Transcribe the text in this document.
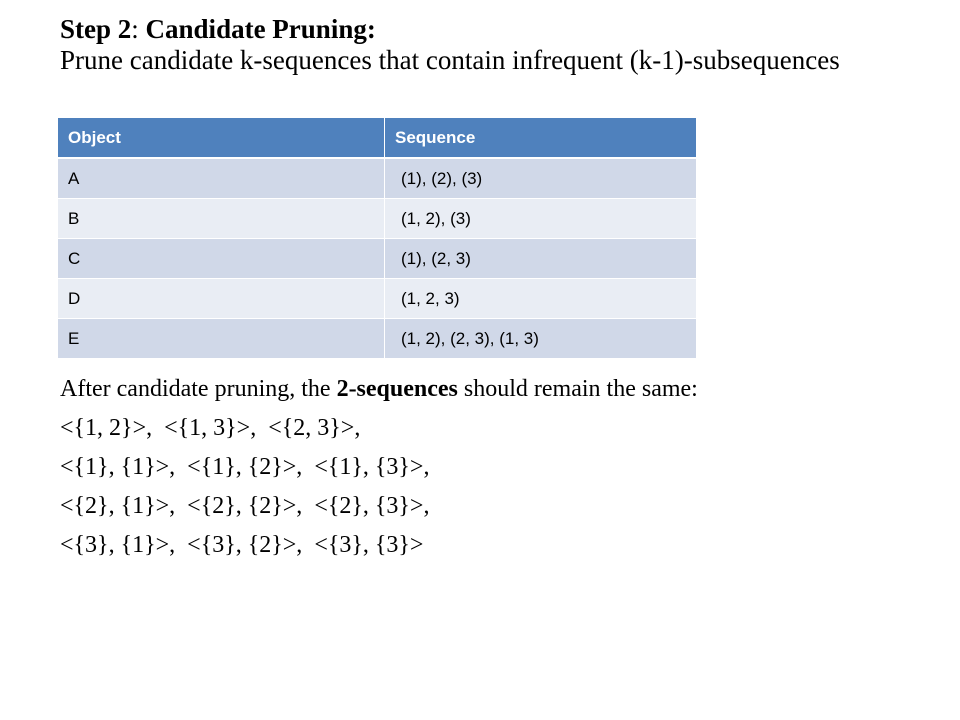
Step 2: Candidate Pruning:
Prune candidate k-sequences that contain infrequent (k-1)-subsequences
Object	Sequence
A	(1), (2), (3)
B	(1, 2), (3)
C	(1), (2, 3)
D	(1, 2, 3)
E	(1, 2), (2, 3), (1, 3)

After candidate pruning, the 2-sequences should remain the same:

<{1, 2}>, <{1, 3}>, <{2, 3}>,

<{1}, {1}>, <{1}, {2}>, <{1}, {3}>,

<{2}, {1}>, <{2}, {2}>, <{2}, {3}>,

<{3}, {1}>, <{3}, {2}>, <{3}, {3}>
